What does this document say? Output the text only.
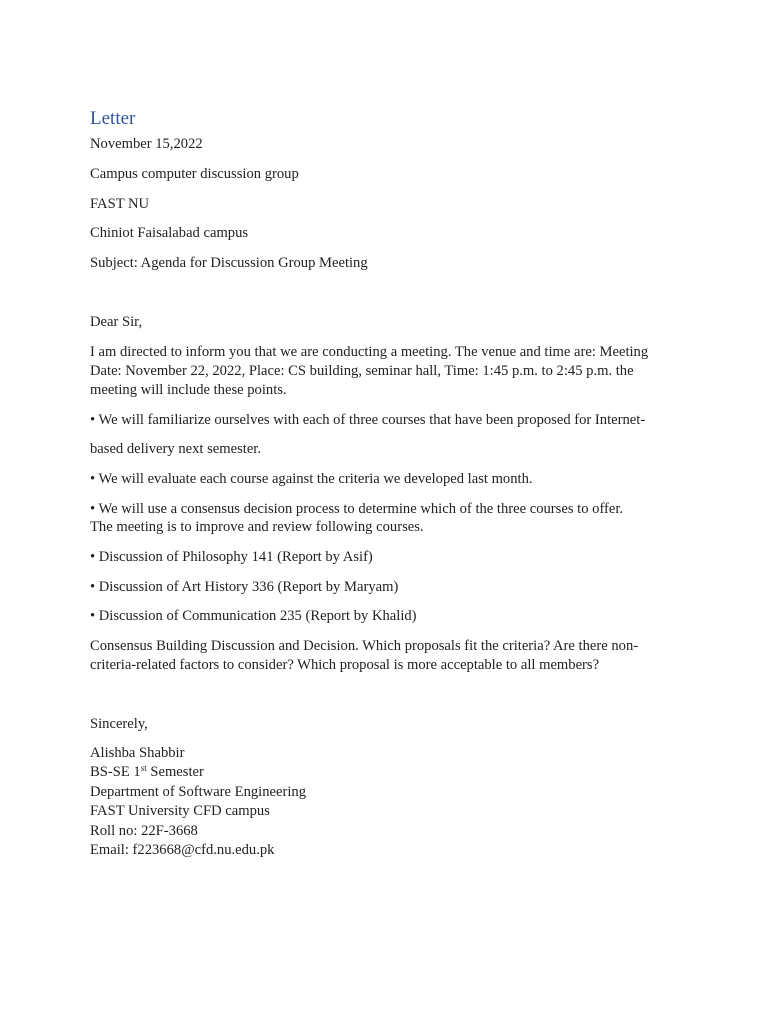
Letter

November 15,2022

Campus computer discussion group

FAST NU

Chiniot Faisalabad campus

Subject: Agenda for Discussion Group Meeting

Dear Sir,

I am directed to inform you that we are conducting a meeting. The venue and time are: Meeting Date: November 22, 2022, Place: CS building, seminar hall, Time: 1:45 p.m. to 2:45 p.m. the meeting will include these points.

• We will familiarize ourselves with each of three courses that have been proposed for Internet-

based delivery next semester.

• We will evaluate each course against the criteria we developed last month.

• We will use a consensus decision process to determine which of the three courses to offer.

The meeting is to improve and review following courses.

• Discussion of Philosophy 141 (Report by Asif)

• Discussion of Art History 336 (Report by Maryam)

• Discussion of Communication 235 (Report by Khalid)

Consensus Building Discussion and Decision. Which proposals fit the criteria? Are there non-criteria-related factors to consider? Which proposal is more acceptable to all members?

Sincerely,

Alishba Shabbir

BS-SE 1st Semester

Department of Software Engineering

FAST University CFD campus

Roll no: 22F-3668

Email: f223668@cfd.nu.edu.pk
